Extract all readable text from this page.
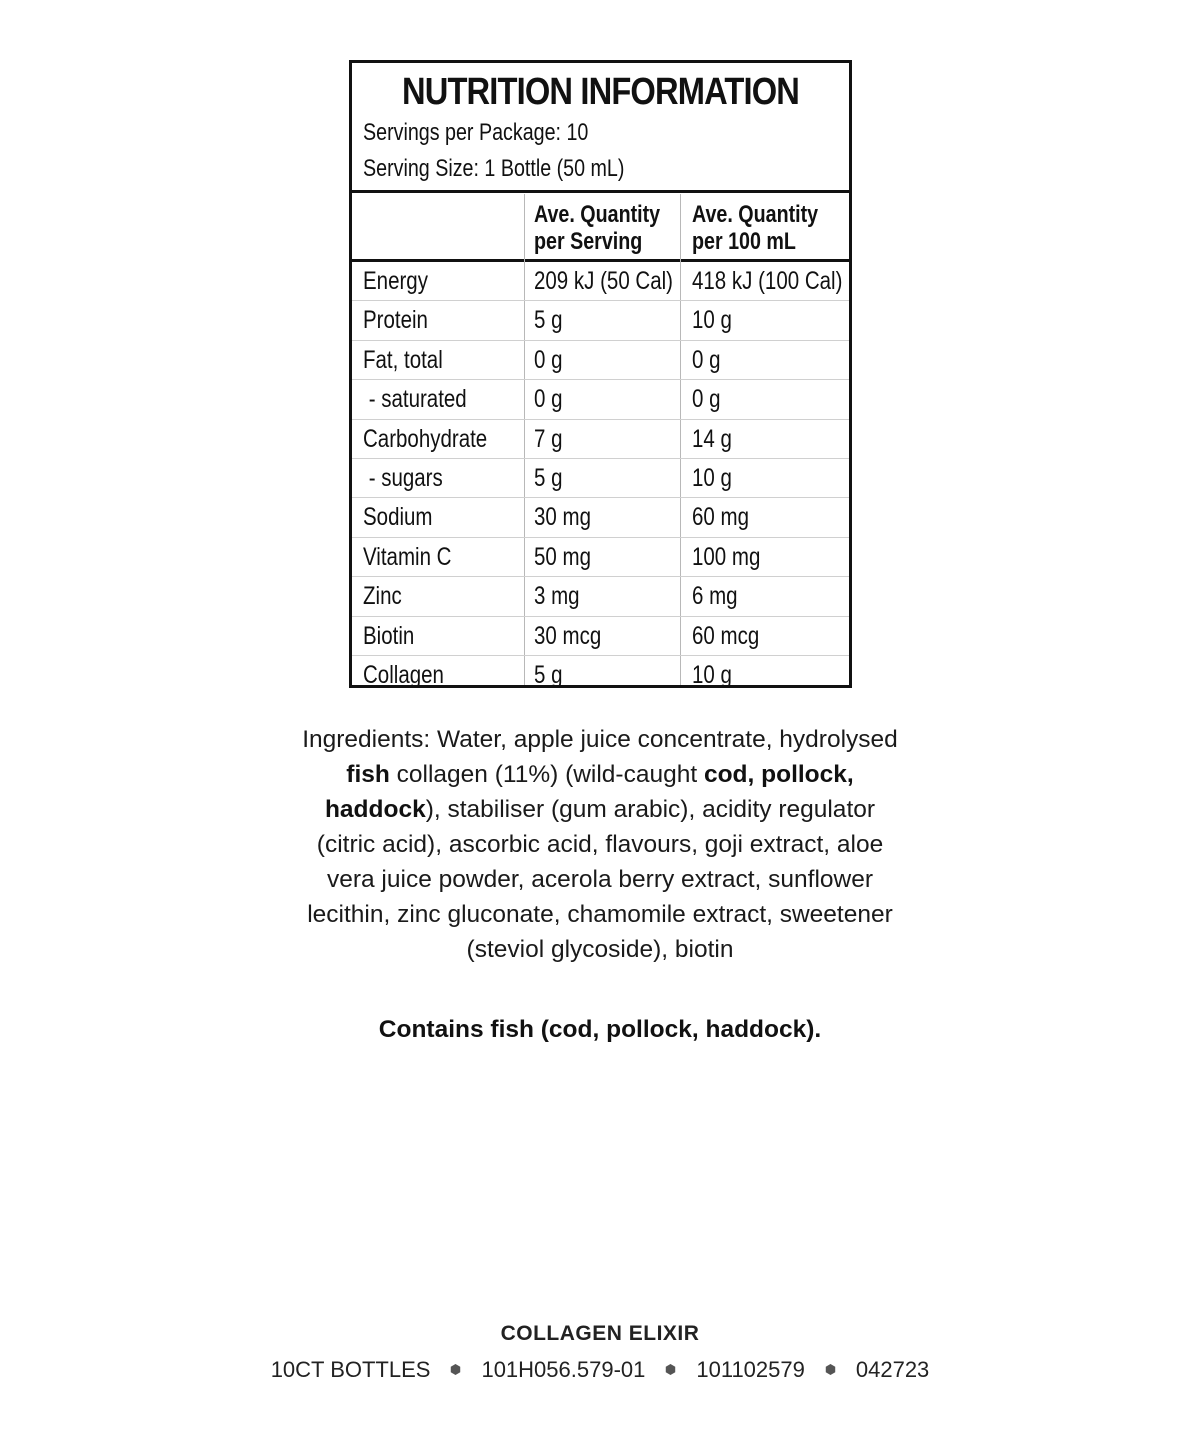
NUTRITION INFORMATION
Servings per Package: 10
Serving Size: 1 Bottle (50 mL)
Ave. Quantity
per Serving
Ave. Quantity
per 100 mL
Energy	209 kJ (50 Cal) 418 kJ (100 Cal)
Protein	5 g	10 g
Fat, total	0 g	0 g
- saturated	0 g	0 g
Carbohydrate 7 g	14 g
- sugars	5 g	10 g
Sodium	30 mg	60 mg
Vitamin C	50 mg	100 mg
Zinc	3 mg	6 mg
Biotin	30 mcg	60 mcg
Collagen	5 g	10 g
Ingredients: Water, apple juice concentrate, hydrolysed fish collagen (11%) (wild-caught cod, pollock, haddock), stabiliser (gum arabic), acidity regulator (citric acid), ascorbic acid, flavours, goji extract, aloe vera juice powder, acerola berry extract, sunflower lecithin, zinc gluconate, chamomile extract, sweetener (steviol glycoside), biotin
Contains fish (cod, pollock, haddock).
COLLAGEN ELIXIR
10CT BOTTLES 101H056.579-01 101102579 042723
